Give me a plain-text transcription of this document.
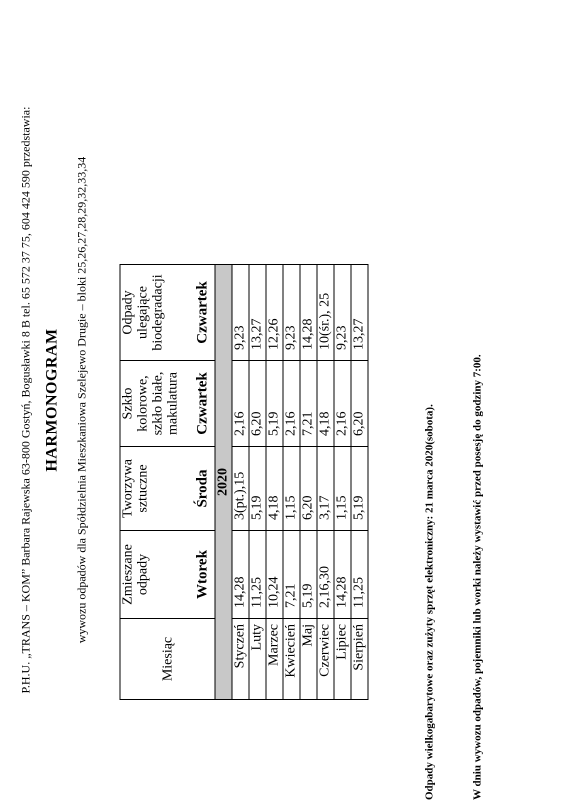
P.H.U. „TRANS – KOM” Barbara Rajewska 63-800 Gostyń, Bogusławki 8 B tel. 65 572 37 75, 604 424 590 przedstawia: HARMONOGRAM wywozu odpadów dla Spółdzielnia Mieszkaniowa Szelejewo Drugie – bloki 25,26,27,28,29,32,33,34
Miesiąc	Zmieszane odpady Wtorek	Tworzywa sztuczne Środa	Szkło kolorowe, szkło białe, makulatura Czwartek	Odpady ulegające biodegradacji Czwartek

2020				
Styczeń	14,28	3(pt.),15	2,16	9,23
Luty	11,25	5,19	6,20	13,27
Marzec	10,24	4,18	5,19	12,26
Kwiecień	7,21	1,15	2,16	9,23
Maj	5,19	6,20	7,21	14,28
Czerwiec	2,16,30	3,17	4,18	10(śr.), 25
Lipiec	14,28	1,15	2,16	9,23
Sierpień	11,25	5,19	6,20	13,27
Odpady wielkogabarytowe oraz zużyty sprzęt elektroniczny: 21 marca 2020(sobota).	W dniu wywozu odpadów, pojemniki lub worki należy wystawić przed posesję do godziny 7:00.
